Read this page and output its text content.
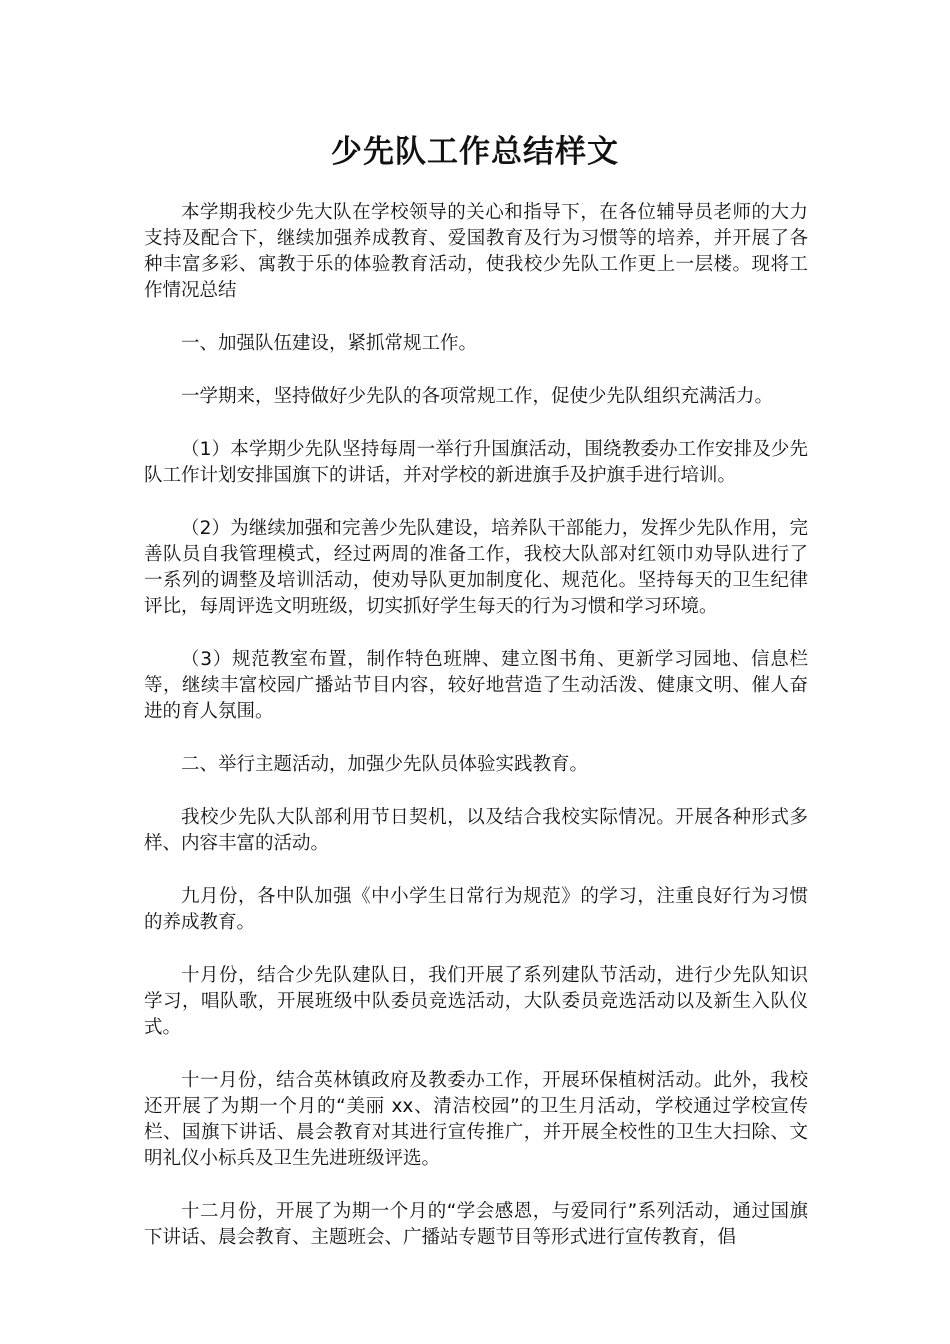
少先队工作总结样文

本学期我校少先大队在学校领导的关心和指导下，在各位辅导员老师的大力支持及配合下，继续加强养成教育、爱国教育及行为习惯等的培养，并开展了各种丰富多彩、寓教于乐的体验教育活动，使我校少先队工作更上一层楼。现将工作情况总结

一、加强队伍建设，紧抓常规工作。

一学期来，坚持做好少先队的各项常规工作，促使少先队组织充满活力。

（1）本学期少先队坚持每周一举行升国旗活动，围绕教委办工作安排及少先队工作计划安排国旗下的讲话，并对学校的新进旗手及护旗手进行培训。

（2）为继续加强和完善少先队建设，培养队干部能力，发挥少先队作用，完善队员自我管理模式，经过两周的准备工作，我校大队部对红领巾劝导队进行了一系列的调整及培训活动，使劝导队更加制度化、规范化。坚持每天的卫生纪律评比，每周评选文明班级，切实抓好学生每天的行为习惯和学习环境。

（3）规范教室布置，制作特色班牌、建立图书角、更新学习园地、信息栏等，继续丰富校园广播站节目内容，较好地营造了生动活泼、健康文明、催人奋进的育人氛围。

二、举行主题活动，加强少先队员体验实践教育。

我校少先队大队部利用节日契机，以及结合我校实际情况。开展各种形式多样、内容丰富的活动。

九月份，各中队加强《中小学生日常行为规范》的学习，注重良好行为习惯的养成教育。

十月份，结合少先队建队日，我们开展了系列建队节活动，进行少先队知识学习，唱队歌，开展班级中队委员竞选活动，大队委员竞选活动以及新生入队仪式。

十一月份，结合英林镇政府及教委办工作，开展环保植树活动。此外，我校还开展了为期一个月的“美丽 xx、清洁校园”的卫生月活动，学校通过学校宣传栏、国旗下讲话、晨会教育对其进行宣传推广，并开展全校性的卫生大扫除、文明礼仪小标兵及卫生先进班级评选。

十二月份，开展了为期一个月的“学会感恩，与爱同行”系列活动，通过国旗下讲话、晨会教育、主题班会、广播站专题节目等形式进行宣传教育，倡
